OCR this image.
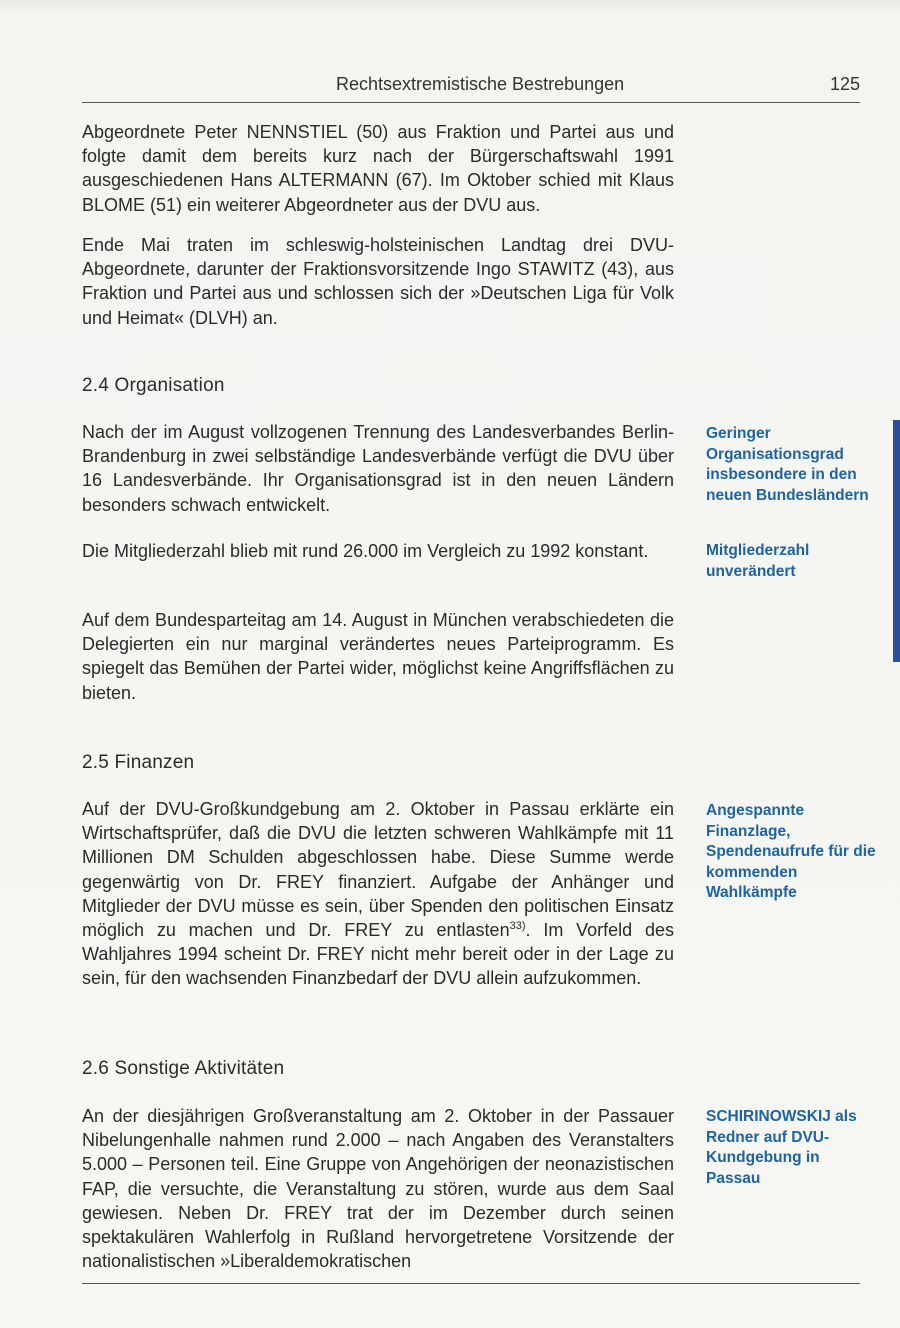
Rechtsextremistische Bestrebungen	125

Abgeordnete Peter NENNSTIEL (50) aus Fraktion und Partei aus und folgte damit dem bereits kurz nach der Bürgerschaftswahl 1991 ausgeschiedenen Hans ALTERMANN (67). Im Oktober schied mit Klaus BLOME (51) ein weiterer Abgeordneter aus der DVU aus.

Ende Mai traten im schleswig-holsteinischen Landtag drei DVU-Abgeordnete, darunter der Fraktionsvorsitzende Ingo STAWITZ (43), aus Fraktion und Partei aus und schlossen sich der »Deutschen Liga für Volk und Heimat« (DLVH) an.

2.4 Organisation

Nach der im August vollzogenen Trennung des Landesverbandes Berlin-Brandenburg in zwei selbständige Landesverbände verfügt die DVU über 16 Landesverbände. Ihr Organisationsgrad ist in den neuen Ländern besonders schwach entwickelt.

Geringer Organisationsgrad insbesondere in den neuen Bundesländern

Die Mitgliederzahl blieb mit rund 26.000 im Vergleich zu 1992 konstant.	Mitgliederzahl unverändert

Auf dem Bundesparteitag am 14. August in München verabschiedeten die Delegierten ein nur marginal verändertes neues Parteiprogramm. Es spiegelt das Bemühen der Partei wider, möglichst keine Angriffsflächen zu bieten.

2.5 Finanzen

Auf der DVU-Großkundgebung am 2. Oktober in Passau erklärte ein Wirtschaftsprüfer, daß die DVU die letzten schweren Wahlkämpfe mit 11 Millionen DM Schulden abgeschlossen habe. Diese Summe werde gegenwärtig von Dr. FREY finanziert. Aufgabe der Anhänger und Mitglieder der DVU müsse es sein, über Spenden den politischen Einsatz möglich zu machen und Dr. FREY zu entlasten$^{33)}$. Im Vorfeld des Wahljahres 1994 scheint Dr. FREY nicht mehr bereit oder in der Lage zu sein, für den wachsenden Finanzbedarf der DVU allein aufzukommen.

Angespannte Finanzlage, Spendenaufrufe für die kommenden Wahlkämpfe
2.6 Sonstige Aktivitäten

An der diesjährigen Großveranstaltung am 2. Oktober in der Passauer Nibelungenhalle nahmen rund 2.000 – nach Angaben des Veranstalters 5.000 – Personen teil. Eine Gruppe von Angehörigen der neonazistischen FAP, die versuchte, die Veranstaltung zu stören, wurde aus dem Saal gewiesen. Neben Dr. FREY trat der im Dezember durch seinen spektakulären Wahlerfolg in Rußland hervorgetretene Vorsitzende der nationalistischen »Liberaldemokratischen

SCHIRINOWSKIJ als Redner auf DVU-Kundgebung in Passau
